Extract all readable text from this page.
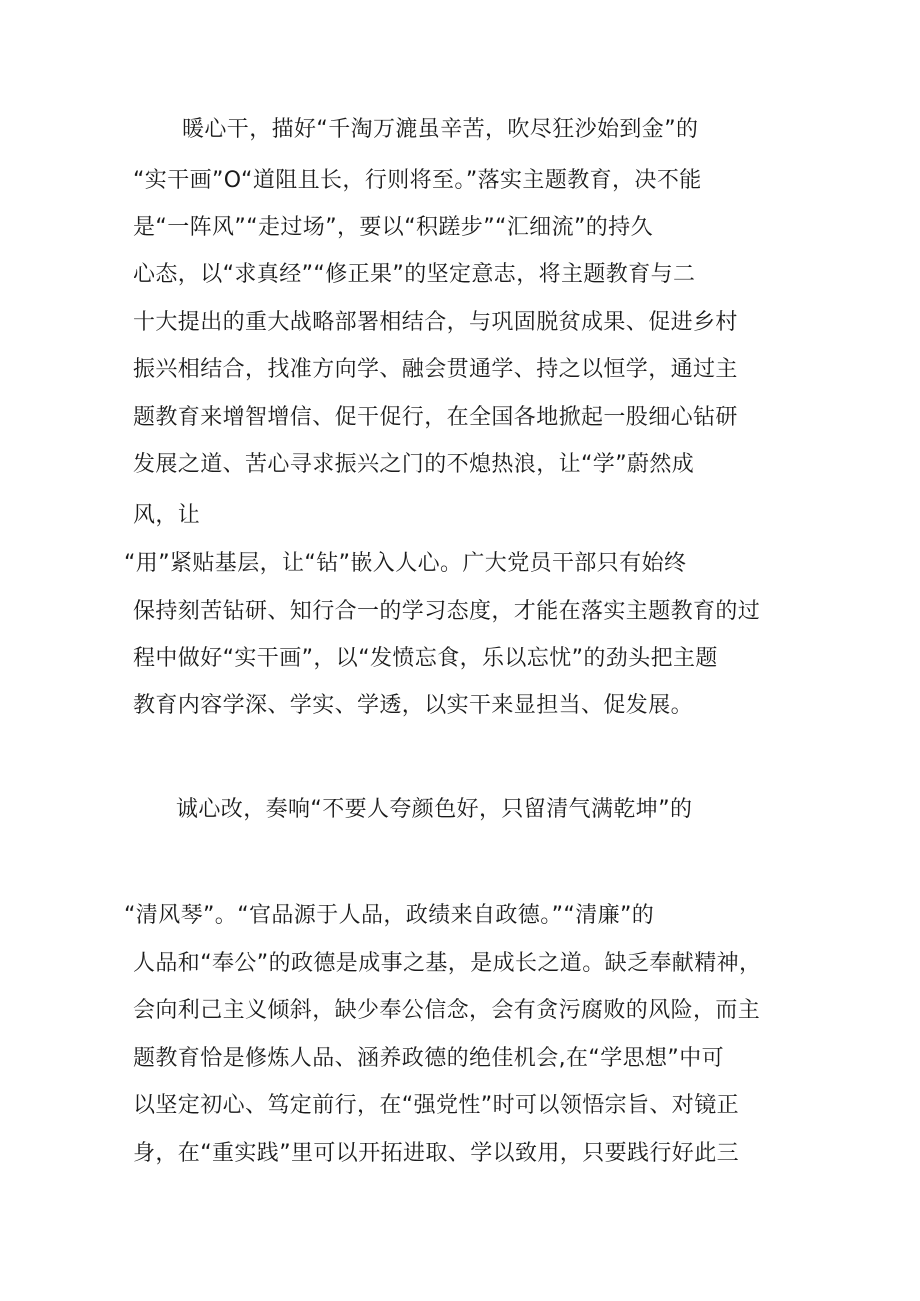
暖心干，描好“千淘万漉虽辛苦，吹尽狂沙始到金”的
“实干画”O“道阻且长，行则将至。”落实主题教育，决不能
是“一阵风”“走过场”，要以“积蹉步”“汇细流”的持久
心态，以“求真经”“修正果”的坚定意志，将主题教育与二
十大提出的重大战略部署相结合，与巩固脱贫成果、促进乡村
振兴相结合，找准方向学、融会贯通学、持之以恒学，通过主
题教育来增智增信、促干促行，在全国各地掀起一股细心钻研
发展之道、苦心寻求振兴之门的不熄热浪，让“学”蔚然成
风，让
“用”紧贴基层，让“钻”嵌入人心。广大党员干部只有始终
保持刻苦钻研、知行合一的学习态度，才能在落实主题教育的过
程中做好“实干画”，以“发愤忘食，乐以忘忧”的劲头把主题
教育内容学深、学实、学透，以实干来显担当、促发展。
诚心改，奏响“不要人夸颜色好，只留清气满乾坤”的
“清风琴”。“官品源于人品，政绩来自政德。”“清廉”的
人品和“奉公”的政德是成事之基，是成长之道。缺乏奉献精神，
会向利己主义倾斜，缺少奉公信念，会有贪污腐败的风险，而主
题教育恰是修炼人品、涵养政德的绝佳机会,在“学思想”中可
以坚定初心、笃定前行，在“强党性”时可以领悟宗旨、对镜正
身，在“重实践”里可以开拓进取、学以致用，只要践行好此三
